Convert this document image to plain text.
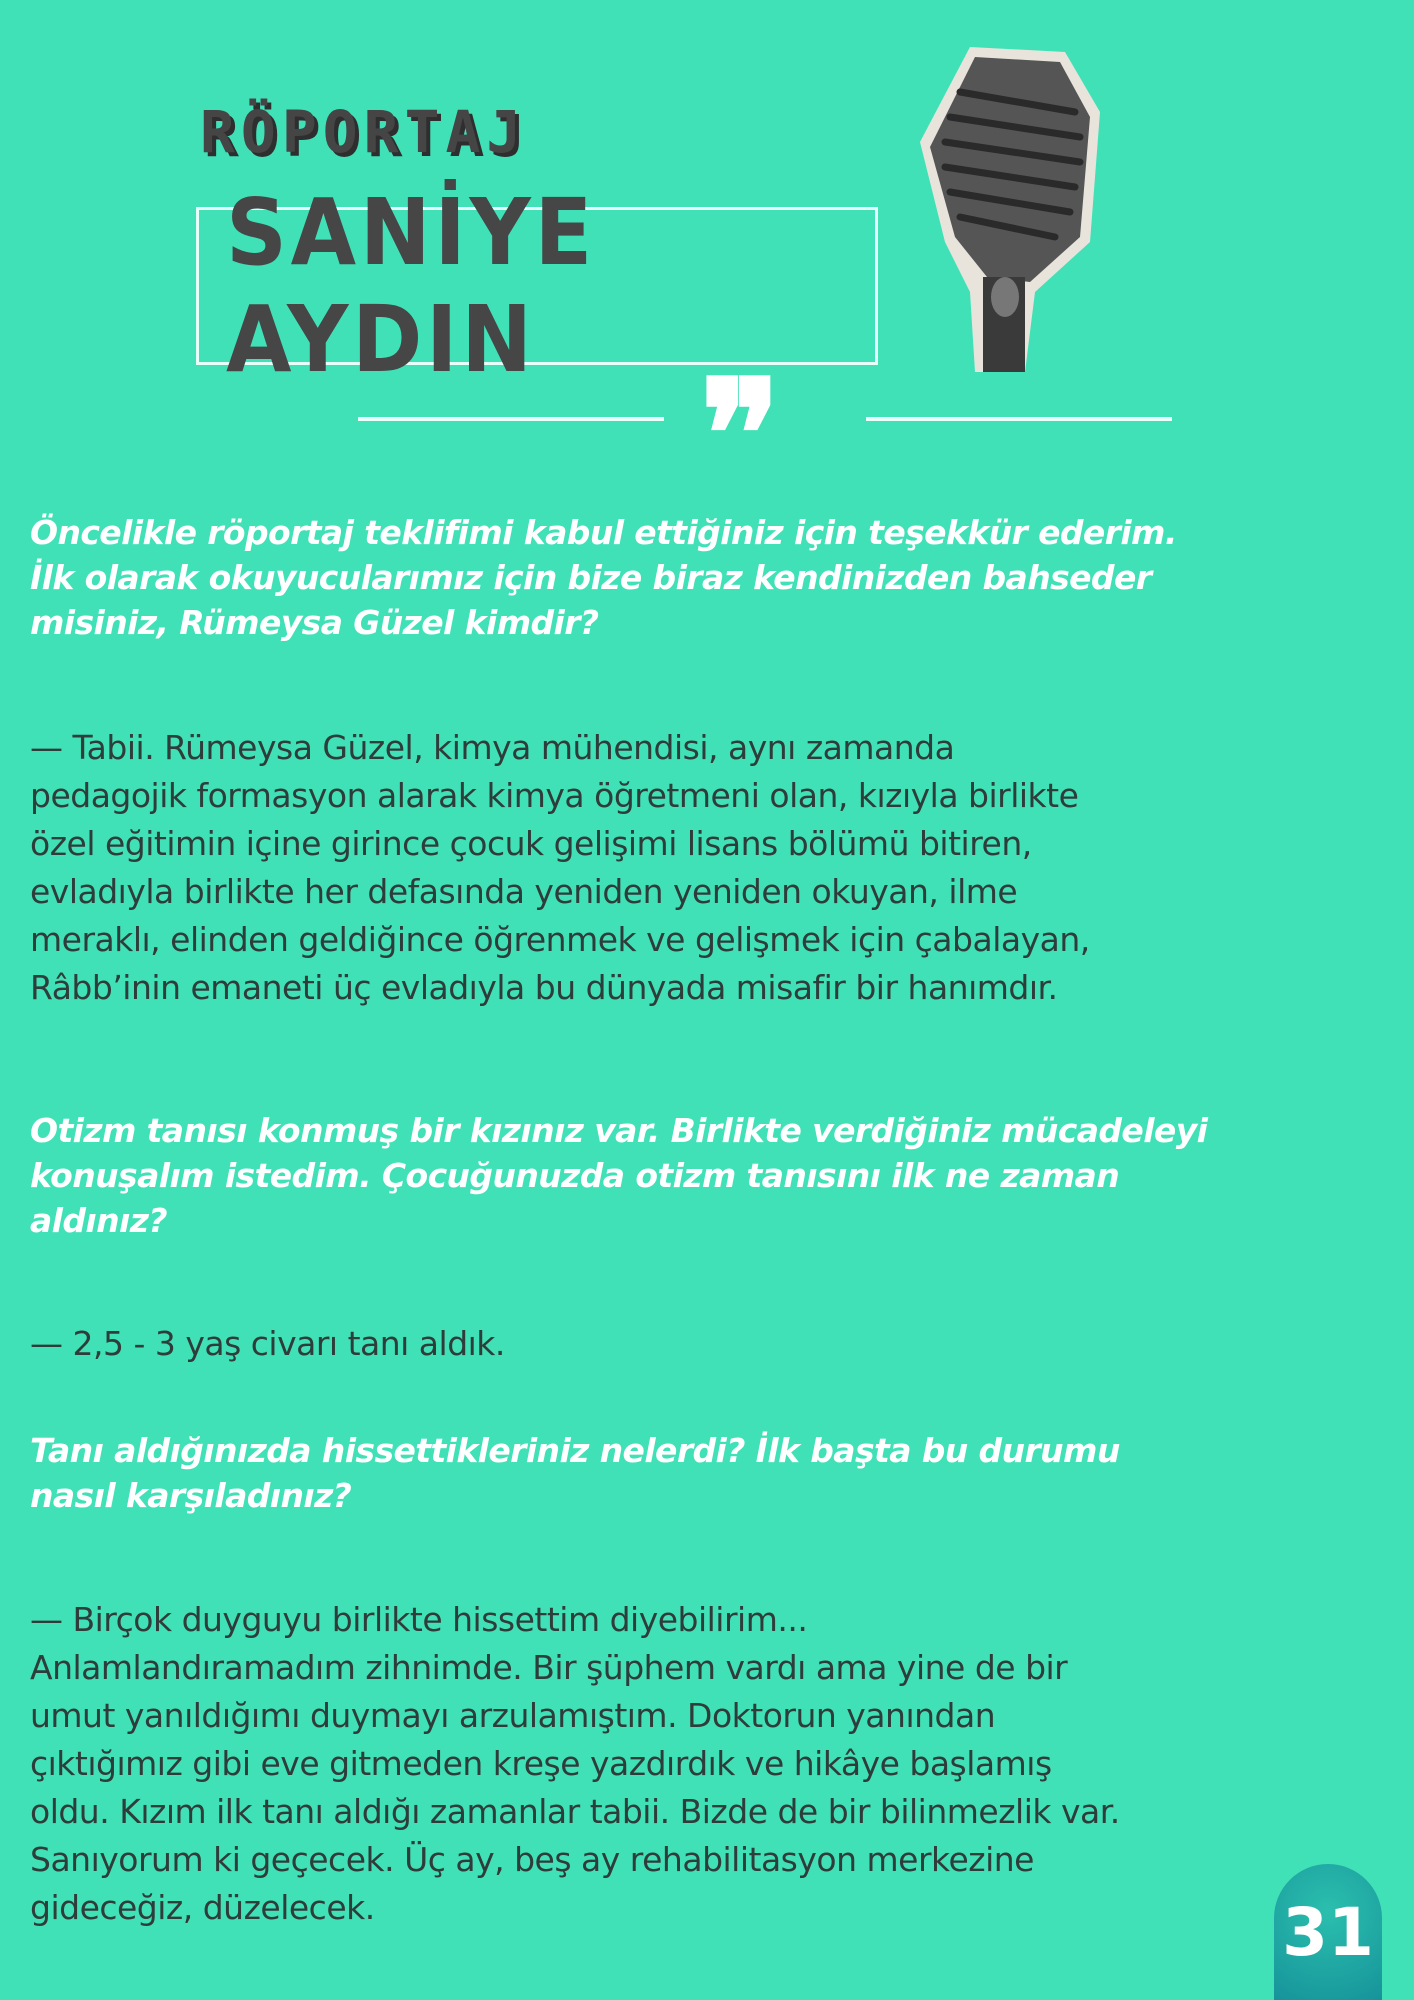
RÖPORTAJ
SANİYE AYDIN
❞
Öncelikle röportaj teklifimi kabul ettiğiniz için teşekkür ederim.
İlk olarak okuyucularımız için bize biraz kendinizden bahseder
misiniz, Rümeysa Güzel kimdir?
— Tabii. Rümeysa Güzel, kimya mühendisi, aynı zamanda
pedagojik formasyon alarak kimya öğretmeni olan, kızıyla birlikte
özel eğitimin içine girince çocuk gelişimi lisans bölümü bitiren,
evladıyla birlikte her defasında yeniden yeniden okuyan, ilme
meraklı, elinden geldiğince öğrenmek ve gelişmek için çabalayan,
Râbb’inin emaneti üç evladıyla bu dünyada misafir bir hanımdır.
Otizm tanısı konmuş bir kızınız var. Birlikte verdiğiniz mücadeleyi
konuşalım istedim. Çocuğunuzda otizm tanısını ilk ne zaman
aldınız?
— 2,5 - 3 yaş civarı tanı aldık.
Tanı aldığınızda hissettikleriniz nelerdi? İlk başta bu durumu
nasıl karşıladınız?
— Birçok duyguyu birlikte hissettim diyebilirim...
Anlamlandıramadım zihnimde. Bir şüphem vardı ama yine de bir
umut yanıldığımı duymayı arzulamıştım. Doktorun yanından
çıktığımız gibi eve gitmeden kreşe yazdırdık ve hikâye başlamış
oldu. Kızım ilk tanı aldığı zamanlar tabii. Bizde de bir bilinmezlik var.
Sanıyorum ki geçecek. Üç ay, beş ay rehabilitasyon merkezine
gideceğiz, düzelecek.	31
